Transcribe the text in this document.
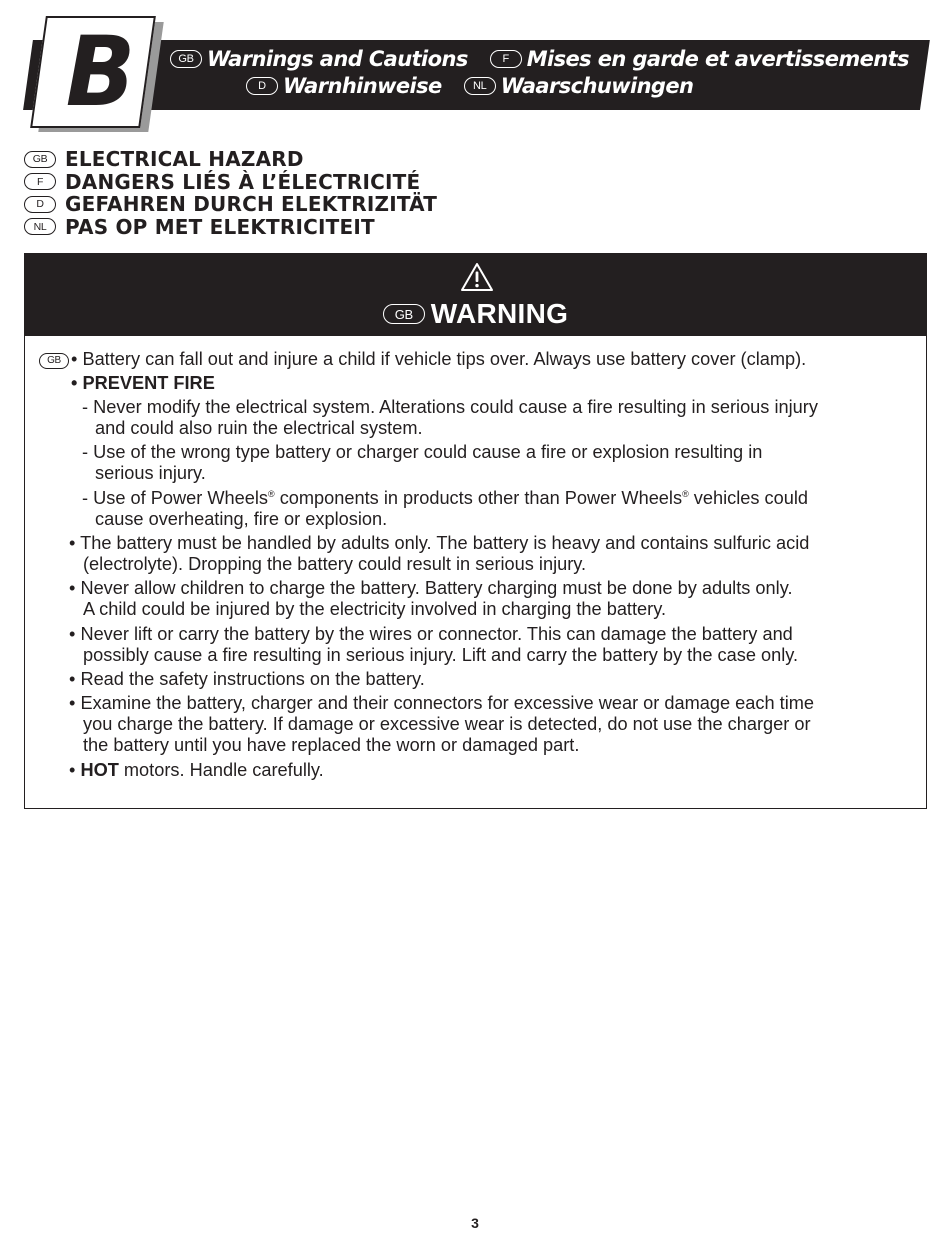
B	GB Warnings and Cautions	F Mises en garde et avertissements
D Warnhinweise	NL Waarschuwingen
GB ELECTRICAL HAZARD
F	DANGERS LIÉS À L’ÉLECTRICITÉ
D	GEFAHREN DURCH ELEKTRIZITÄT
NL PAS OP MET ELEKTRICITEIT
GB WARNING
GB • Battery can fall out and injure a child if vehicle tips over. Always use battery cover (clamp).
• PREVENT FIRE
- Never modify the electrical system. Alterations could cause a fire resulting in serious injury
and could also ruin the electrical system.
- Use of the wrong type battery or charger could cause a fire or explosion resulting in
serious injury.
- Use of Power Wheels® components in products other than Power Wheels® vehicles could
cause overheating, fire or explosion.
• The battery must be handled by adults only. The battery is heavy and contains sulfuric acid
(electrolyte). Dropping the battery could result in serious injury.
• Never allow children to charge the battery. Battery charging must be done by adults only.
A child could be injured by the electricity involved in charging the battery.
• Never lift or carry the battery by the wires or connector. This can damage the battery and
possibly cause a fire resulting in serious injury. Lift and carry the battery by the case only.
• Read the safety instructions on the battery.
• Examine the battery, charger and their connectors for excessive wear or damage each time
you charge the battery. If damage or excessive wear is detected, do not use the charger or
the battery until you have replaced the worn or damaged part.
• HOT motors. Handle carefully.
3
